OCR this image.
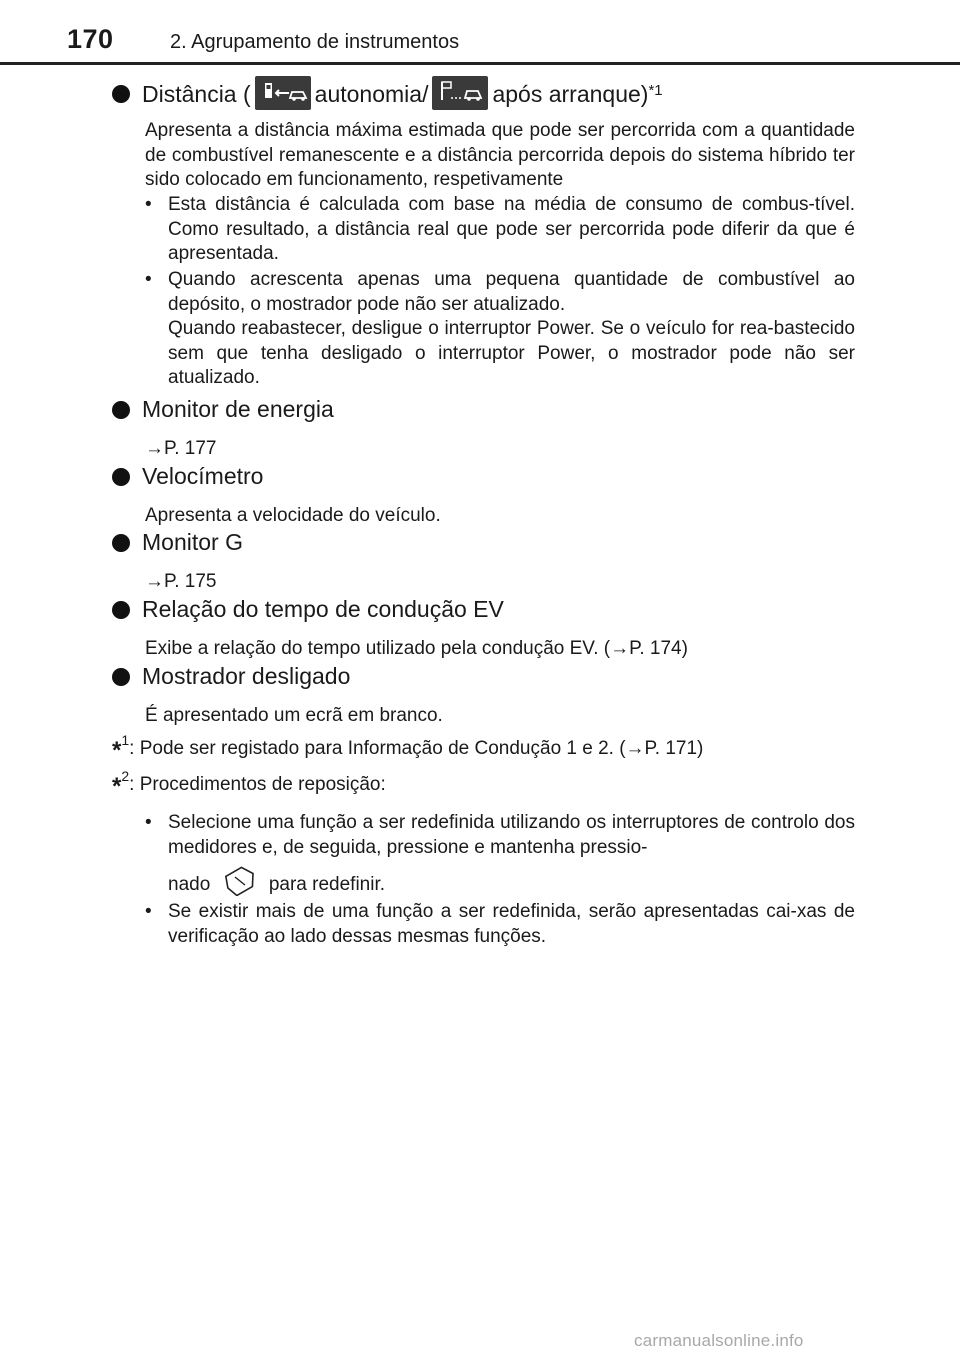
170	2. Agrupamento de instrumentos
Distância (	autonomia/	após arranque)$^{*1}$
Apresenta a distância máxima estimada que pode ser percorrida com a quantidade de combustível remanescente e a distância percorrida depois do sistema híbrido ter sido colocado em funcionamento, respetivamente
• Esta distância é calculada com base na média de consumo de combus-tível. Como resultado, a distância real que pode ser percorrida pode diferir da que é apresentada.
• Quando acrescenta apenas uma pequena quantidade de combustível ao depósito, o mostrador pode não ser atualizado.
Quando reabastecer, desligue o interruptor Power. Se o veículo for rea-bastecido sem que tenha desligado o interruptor Power, o mostrador pode não ser atualizado.
Monitor de energia
→P. 177
Velocímetro
Apresenta a velocidade do veículo.
Monitor G
→P. 175
Relação do tempo de condução EV
Exibe a relação do tempo utilizado pela condução EV. (→P. 174)
Mostrador desligado
É apresentado um ecrã em branco.
*$^1$: Pode ser registado para Informação de Condução 1 e 2. (→P. 171)
*$^2$: Procedimentos de reposição:
• Selecione uma função a ser redefinida utilizando os interruptores de controlo dos medidores e, de seguida, pressione e mantenha pressio-
nado	para redefinir.
• Se existir mais de uma função a ser redefinida, serão apresentadas cai-xas de verificação ao lado dessas mesmas funções.
carmanualsonline.info
